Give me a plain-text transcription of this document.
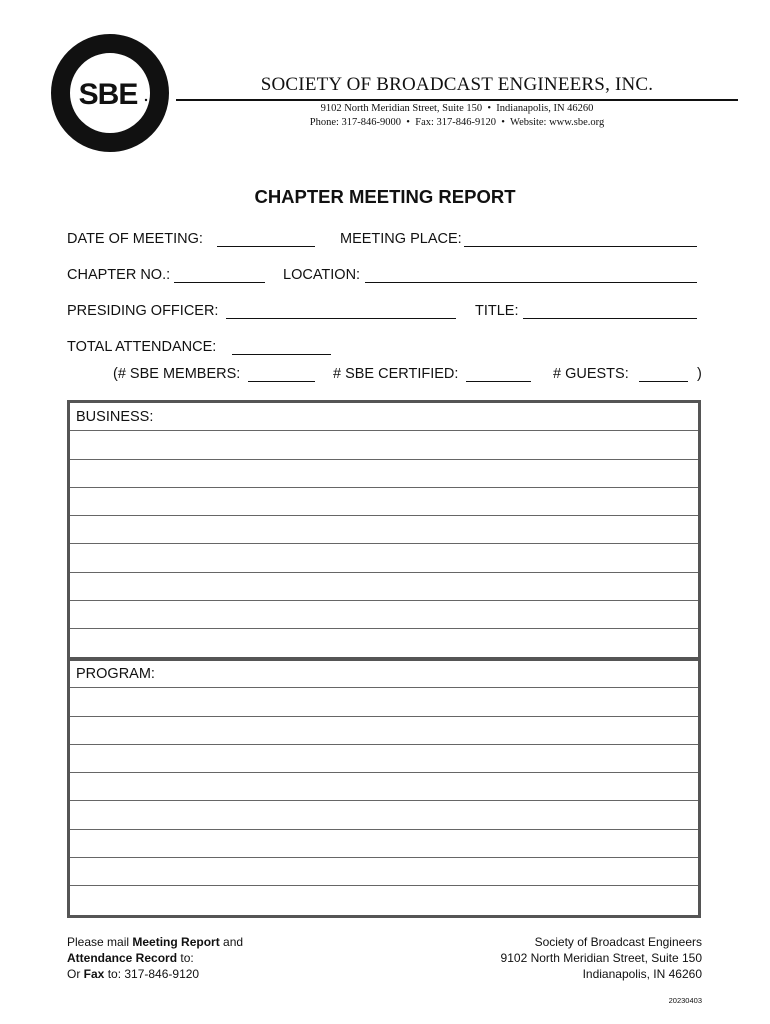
SBE	SOCIETY OF BROADCAST ENGINEERS, INC.
9102 North Meridian Street, Suite 150  •  Indianapolis, IN 46260
Phone: 317-846-9000  •  Fax: 317-846-9120  •  Website: www.sbe.org
CHAPTER MEETING REPORT
DATE OF MEETING:	MEETING PLACE:
CHAPTER NO.:	LOCATION:
PRESIDING OFFICER:	TITLE:
TOTAL ATTENDANCE:
(# SBE MEMBERS:	# SBE CERTIFIED:	# GUESTS:	)
BUSINESS:
PROGRAM:
Please mail Meeting Report and
Attendance Record to:
Or Fax to: 317-846-9120
Society of Broadcast Engineers
9102 North Meridian Street, Suite 150
Indianapolis, IN 46260
20230403
